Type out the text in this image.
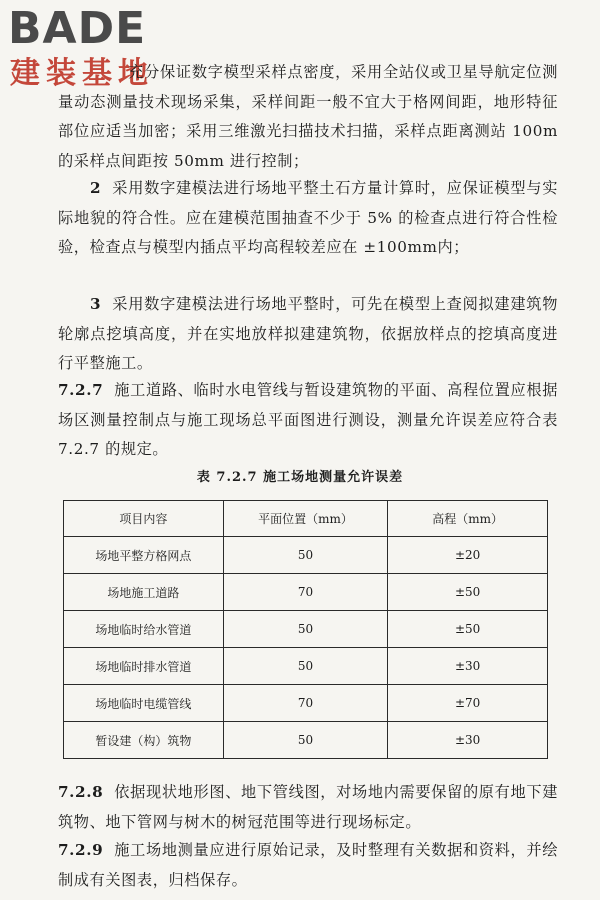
BADE
建装基地

充分保证数字模型采样点密度，采用全站仪或卫星导航定位测量动态测量技术现场采集，采样间距一般不宜大于格网间距，地形特征部位应适当加密；采用三维激光扫描技术扫描，采样点距离测站 100m 的采样点间距按 50mm 进行控制；

2 采用数字建模法进行场地平整土石方量计算时，应保证模型与实际地貌的符合性。应在建模范围抽查不少于 5% 的检查点进行符合性检验，检查点与模型内插点平均高程较差应在 ±100mm内；

3 采用数字建模法进行场地平整时，可先在模型上查阅拟建建筑物轮廓点挖填高度，并在实地放样拟建建筑物，依据放样点的挖填高度进行平整施工。

7.2.7 施工道路、临时水电管线与暂设建筑物的平面、高程位置应根据场区测量控制点与施工现场总平面图进行测设，测量允许误差应符合表 7.2.7 的规定。

表 7.2.7 施工场地测量允许误差
项目内容	平面位置（mm）	高程（mm）
场地平整方格网点	50	±20
场地施工道路	70	±50
场地临时给水管道	50	±50
场地临时排水管道	50	±30
场地临时电缆管线	70	±70
暂设建（构）筑物	50	±30

7.2.8 依据现状地形图、地下管线图，对场地内需要保留的原有地下建筑物、地下管网与树木的树冠范围等进行现场标定。

7.2.9 施工场地测量应进行原始记录，及时整理有关数据和资料，并绘制成有关图表，归档保存。
